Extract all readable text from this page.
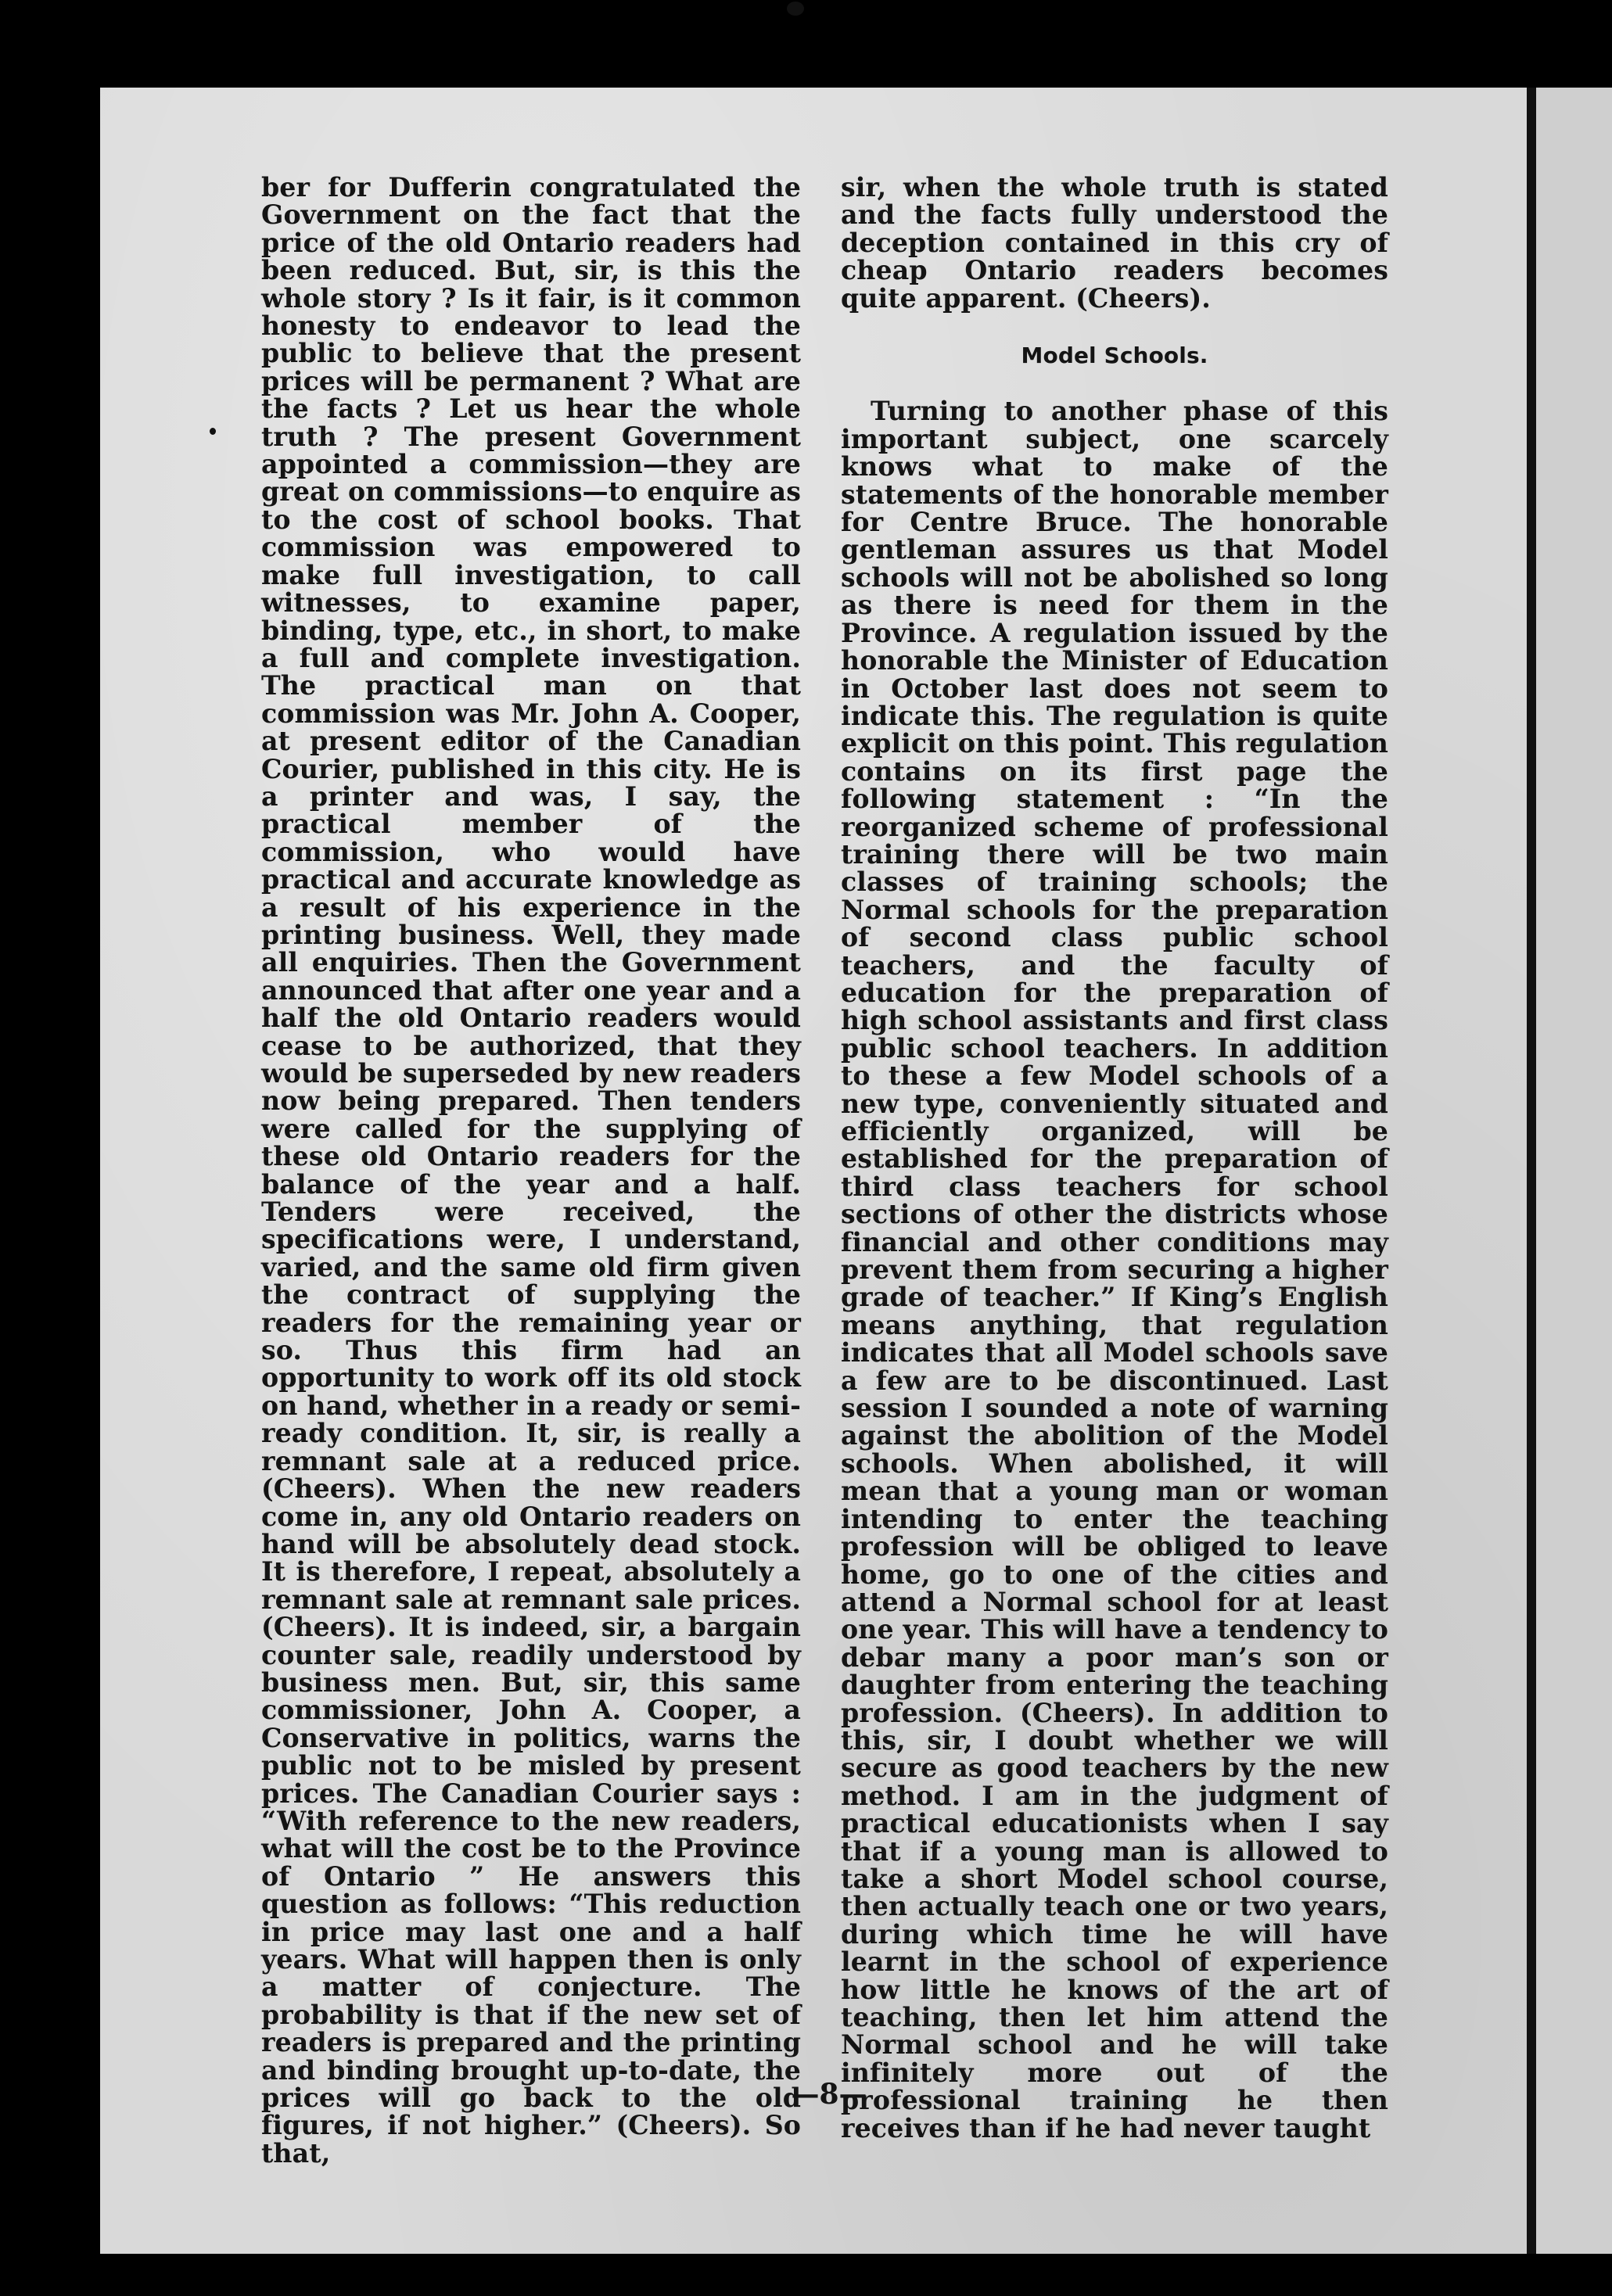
ber for Dufferin congratulated the Government on the fact that the price of the old Ontario readers had been reduced. But, sir, is this the whole story ? Is it fair, is it common honesty to endeavor to lead the public to believe that the present prices will be permanent ? What are the facts ? Let us hear the whole truth ? The present Government appointed a commission—they are great on commissions—to enquire as to the cost of school books. That commission was empowered to make full investigation, to call witnesses, to examine paper, binding, type, etc., in short, to make a full and complete investigation. The practical man on that commission was Mr. John A. Cooper, at present editor of the Canadian Courier, published in this city. He is a printer and was, I say, the practical member of the commission, who would have practical and accurate knowledge as a result of his experience in the printing business. Well, they made all enquiries. Then the Government announced that after one year and a half the old Ontario readers would cease to be authorized, that they would be superseded by new readers now being prepared. Then tenders were called for the supplying of these old Ontario readers for the balance of the year and a half. Tenders were received, the specifications were, I understand, varied, and the same old firm given the contract of supplying the readers for the remaining year or so. Thus this firm had an opportunity to work off its old stock on hand, whether in a ready or semi-ready condition. It, sir, is really a remnant sale at a reduced price. (Cheers). When the new readers come in, any old Ontario readers on hand will be absolutely dead stock. It is therefore, I repeat, absolutely a remnant sale at remnant sale prices. (Cheers). It is indeed, sir, a bargain counter sale, readily understood by business men. But, sir, this same commissioner, John A. Cooper, a Conservative in politics, warns the public not to be misled by present prices. The Canadian Courier says : “With reference to the new readers, what will the cost be to the Province of Ontario ” He answers this question as follows: “This reduction in price may last one and a half years. What will happen then is only a matter of conjecture. The probability is that if the new set of readers is prepared and the printing and binding brought up-to-date, the prices will go back to the old figures, if not higher.” (Cheers). So that,

sir, when the whole truth is stated and the facts fully understood the deception contained in this cry of cheap Ontario readers becomes quite apparent. (Cheers).

Model Schools.

Turning to another phase of this important subject, one scarcely knows what to make of the statements of the honorable member for Centre Bruce. The honorable gentleman assures us that Model schools will not be abolished so long as there is need for them in the Province. A regulation issued by the honorable the Minister of Education in October last does not seem to indicate this. The regulation is quite explicit on this point. This regulation contains on its first page the following statement : “In the reorganized scheme of professional training there will be two main classes of training schools; the Normal schools for the preparation of second class public school teachers, and the faculty of education for the preparation of high school assistants and first class public school teachers. In addition to these a few Model schools of a new type, conveniently situated and efficiently organized, will be established for the preparation of third class teachers for school sections of other the districts whose financial and other conditions may prevent them from securing a higher grade of teacher.” If King’s English means anything, that regulation indicates that all Model schools save a few are to be discontinued. Last session I sounded a note of warning against the abolition of the Model schools. When abolished, it will mean that a young man or woman intending to enter the teaching profession will be obliged to leave home, go to one of the cities and attend a Normal school for at least one year. This will have a tendency to debar many a poor man’s son or daughter from entering the teaching profession. (Cheers). In addition to this, sir, I doubt whether we will secure as good teachers by the new method. I am in the judgment of practical educationists when I say that if a young man is allowed to take a short Model school course, then actually teach one or two years, during which time he will have learnt in the school of experience how little he knows of the art of teaching, then let him attend the Normal school and he will take infinitely more out of the professional training he then receives than if he had never taught

—8—
